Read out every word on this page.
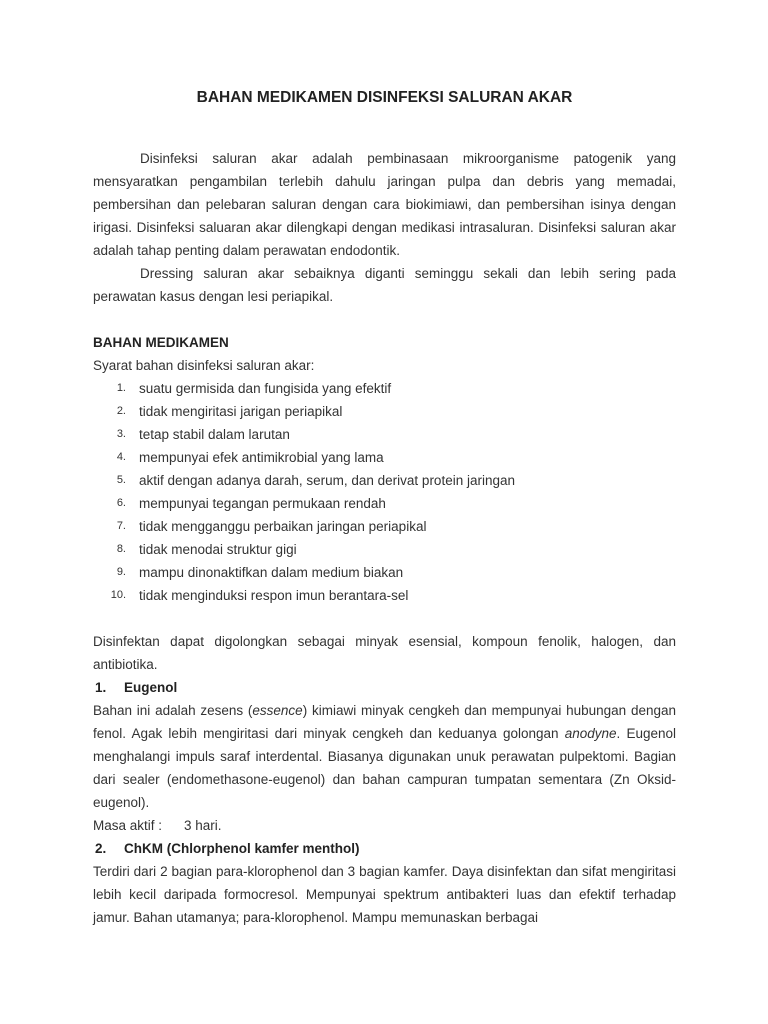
BAHAN MEDIKAMEN DISINFEKSI SALURAN AKAR

Disinfeksi saluran akar adalah pembinasaan mikroorganisme patogenik yang mensyaratkan pengambilan terlebih dahulu jaringan pulpa dan debris yang memadai, pembersihan dan pelebaran saluran dengan cara biokimiawi, dan pembersihan isinya dengan irigasi. Disinfeksi saluaran akar dilengkapi dengan medikasi intrasaluran. Disinfeksi saluran akar adalah tahap penting dalam perawatan endodontik.

Dressing saluran akar sebaiknya diganti seminggu sekali dan lebih sering pada perawatan kasus dengan lesi periapikal.

BAHAN MEDIKAMEN

Syarat bahan disinfeksi saluran akar:

1. suatu germisida dan fungisida yang efektif
2. tidak mengiritasi jarigan periapikal
3. tetap stabil dalam larutan
4. mempunyai efek antimikrobial yang lama
5. aktif dengan adanya darah, serum, dan derivat protein jaringan
6. mempunyai tegangan permukaan rendah
7. tidak mengganggu perbaikan jaringan periapikal
8. tidak menodai struktur gigi
9. mampu dinonaktifkan dalam medium biakan
10. tidak menginduksi respon imun berantara-sel

Disinfektan dapat digolongkan sebagai minyak esensial, kompoun fenolik, halogen, dan antibiotika.

1. Eugenol

Bahan ini adalah zesens (essence) kimiawi minyak cengkeh dan mempunyai hubungan dengan fenol. Agak lebih mengiritasi dari minyak cengkeh dan keduanya golongan anodyne. Eugenol menghalangi impuls saraf interdental. Biasanya digunakan unuk perawatan pulpektomi. Bagian dari sealer (endomethasone-eugenol) dan bahan campuran tumpatan sementara (Zn Oksid-eugenol).

Masa aktif : 3 hari.

2. ChKM (Chlorphenol kamfer menthol)

Terdiri dari 2 bagian para-klorophenol dan 3 bagian kamfer. Daya disinfektan dan sifat mengiritasi lebih kecil daripada formocresol. Mempunyai spektrum antibakteri luas dan efektif terhadap jamur. Bahan utamanya; para-klorophenol. Mampu memunaskan berbagai
